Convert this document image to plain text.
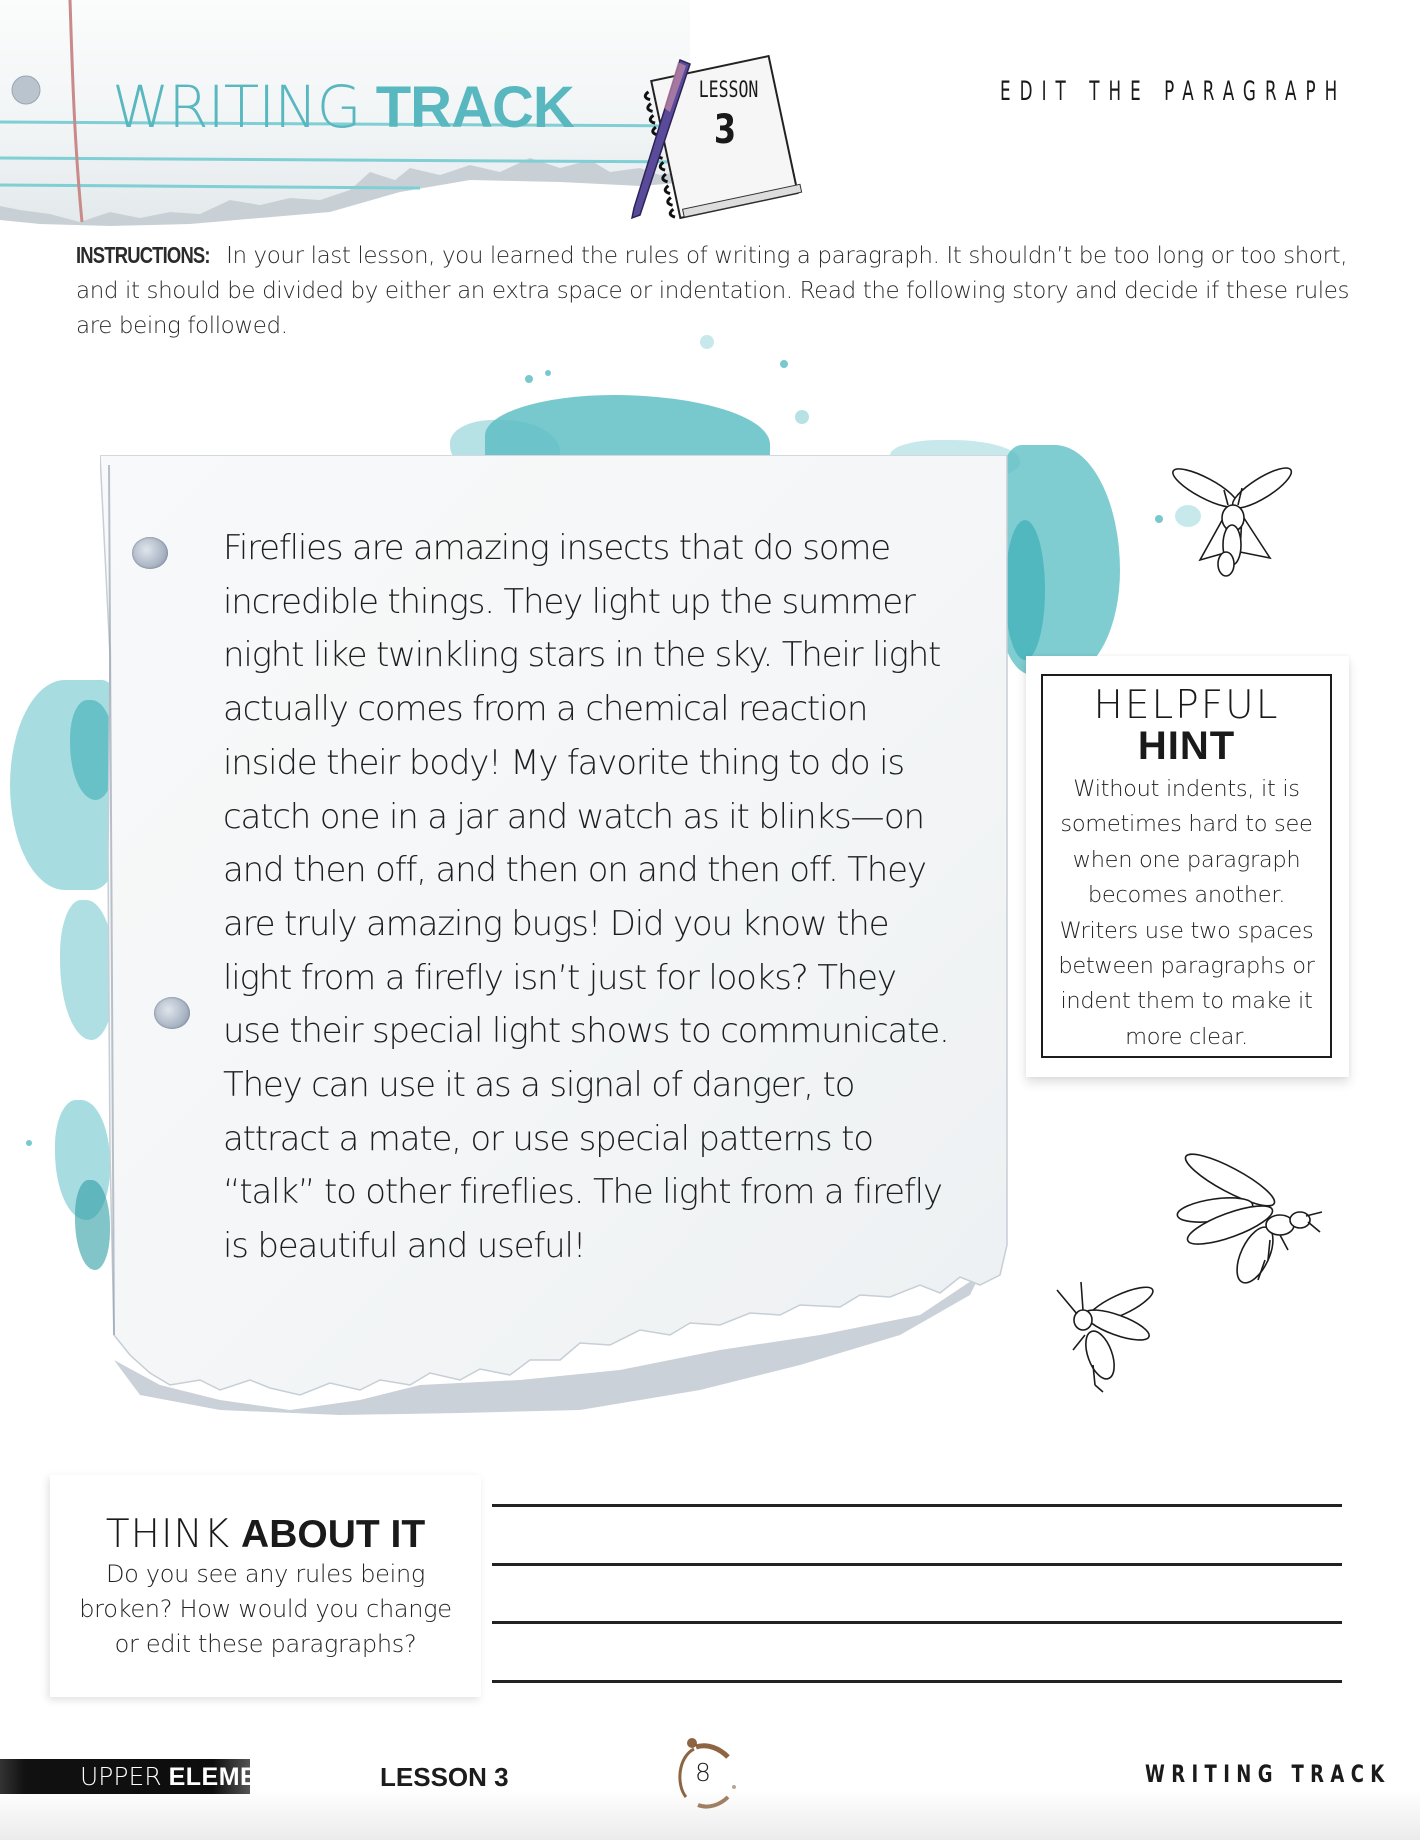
WRITING TRACK	LESSON
3
EDIT THE PARAGRAPH
INSTRUCTIONS: In your last lesson, you learned the rules of writing a paragraph. It shouldn’t be too long or too short, and it should be divided by either an extra space or indentation. Read the following story and decide if these rules are being followed.
Fireflies are amazing insects that do some
incredible things. They light up the summer
night like twinkling stars in the sky. Their light
actually comes from a chemical reaction
inside their body! My favorite thing to do is
catch one in a jar and watch as it blinks—on
and then off, and then on and then off. They
are truly amazing bugs! Did you know the
light from a firefly isn’t just for looks? They
use their special light shows to communicate.
They can use it as a signal of danger, to
attract a mate, or use special patterns to
“talk” to other fireflies. The light from a firefly
is beautiful and useful!
HELPFUL
HINT
Without indents, it is
sometimes hard to see
when one paragraph
becomes another.
Writers use two spaces
between paragraphs or
indent them to make it
more clear.
THINK ABOUT IT
Do you see any rules being
broken? How would you change
or edit these paragraphs?
UPPER ELEMENTARY LESSON 3	8	WRITING TRACK
